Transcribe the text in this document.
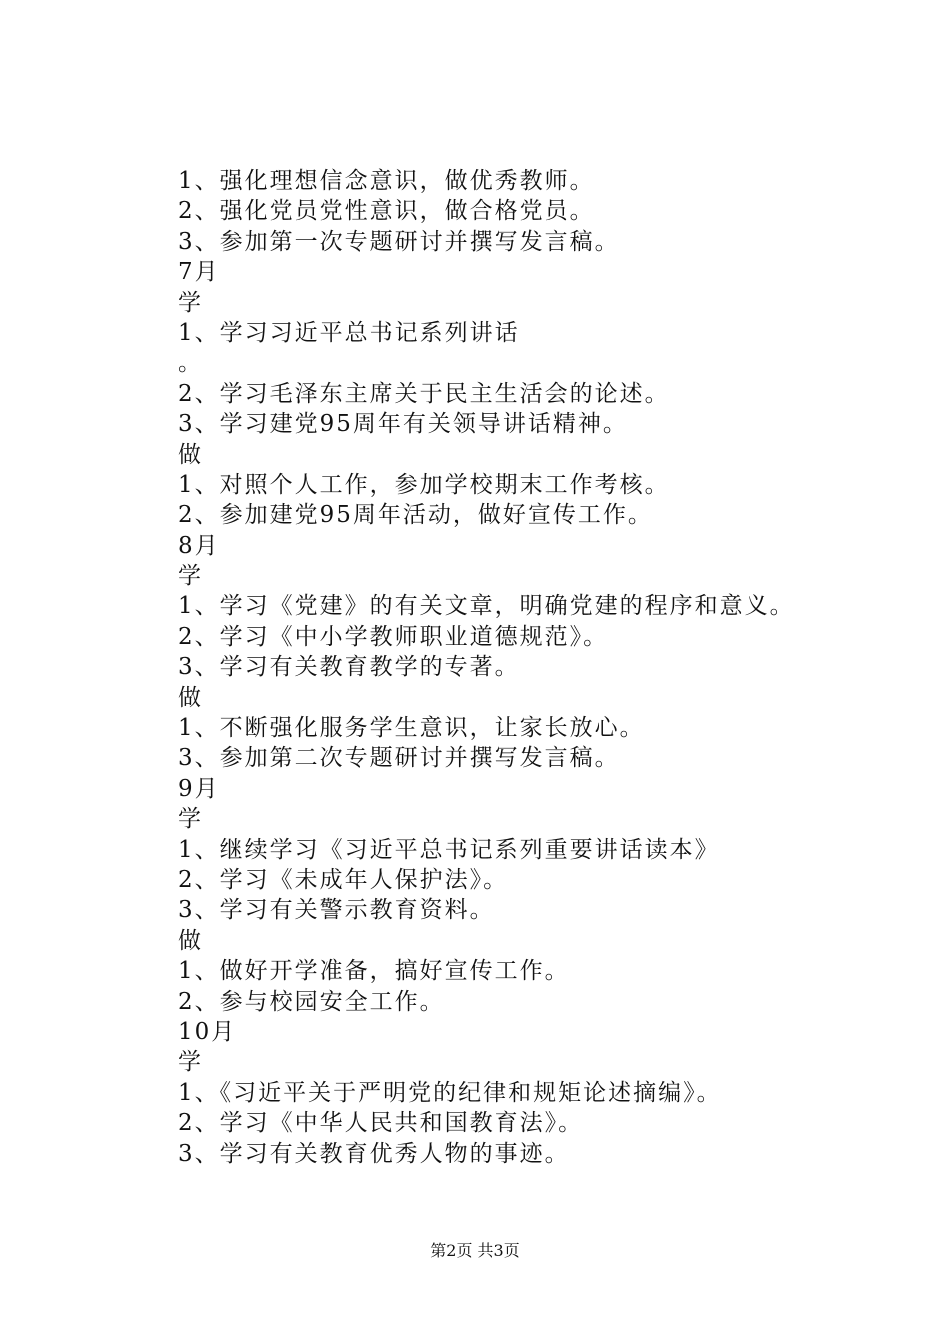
1、强化理想信念意识，做优秀教师。
2、强化党员党性意识，做合格党员。
3、参加第一次专题研讨并撰写发言稿。
7月
学
1、学习习近平总书记系列讲话
。
2、学习毛泽东主席关于民主生活会的论述。
3、学习建党95周年有关领导讲话精神。
做
1、对照个人工作，参加学校期末工作考核。
2、参加建党95周年活动，做好宣传工作。
8月
学
1、学习《党建》的有关文章，明确党建的程序和意义。
2、学习《中小学教师职业道德规范》。
3、学习有关教育教学的专著。
做
1、不断强化服务学生意识，让家长放心。
3、参加第二次专题研讨并撰写发言稿。
9月
学
1、继续学习《习近平总书记系列重要讲话读本》
2、学习《未成年人保护法》。
3、学习有关警示教育资料。
做
1、做好开学准备，搞好宣传工作。
2、参与校园安全工作。
10月
学
1、《习近平关于严明党的纪律和规矩论述摘编》。
2、学习《中华人民共和国教育法》。
3、学习有关教育优秀人物的事迹。
第2页 共3页
